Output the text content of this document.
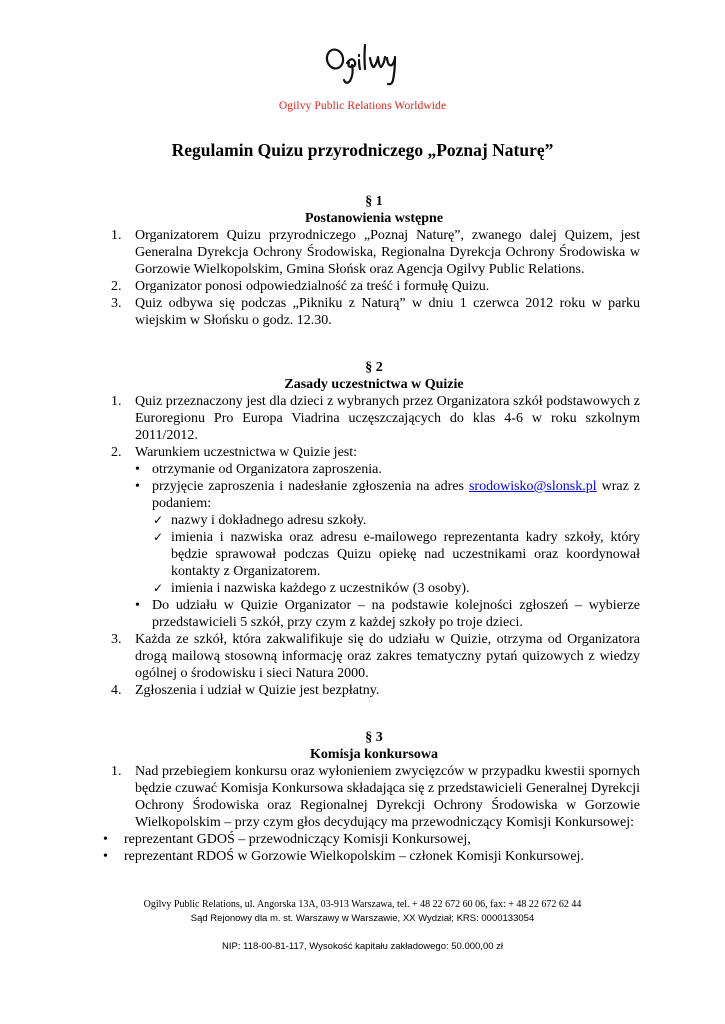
Ogilvy Public Relations Worldwide
Regulamin Quizu przyrodniczego „Poznaj Naturę”
§ 1
Postanowienia wstępne
1. Organizatorem Quizu przyrodniczego „Poznaj Naturę”, zwanego dalej Quizem, jest Generalna Dyrekcja Ochrony Środowiska, Regionalna Dyrekcja Ochrony Środowiska w Gorzowie Wielkopolskim, Gmina Słońsk oraz Agencja Ogilvy Public Relations.
2. Organizator ponosi odpowiedzialność za treść i formułę Quizu.
3. Quiz odbywa się podczas „Pikniku z Naturą” w dniu 1 czerwca 2012 roku w parku wiejskim w Słońsku o godz. 12.30.
§ 2
Zasady uczestnictwa w Quizie
1. Quiz przeznaczony jest dla dzieci z wybranych przez Organizatora szkół podstawowych z Euroregionu Pro Europa Viadrina uczęszczających do klas 4-6 w roku szkolnym 2011/2012.
2. Warunkiem uczestnictwa w Quizie jest:
• otrzymanie od Organizatora zaproszenia.
• przyjęcie zaproszenia i nadesłanie zgłoszenia na adres srodowisko@slonsk.pl wraz z podaniem:
✓ nazwy i dokładnego adresu szkoły.
✓ imienia i nazwiska oraz adresu e-mailowego reprezentanta kadry szkoły, który będzie sprawował podczas Quizu opiekę nad uczestnikami oraz koordynował kontakty z Organizatorem.
✓ imienia i nazwiska każdego z uczestników (3 osoby).
• Do udziału w Quizie Organizator – na podstawie kolejności zgłoszeń – wybierze przedstawicieli 5 szkół, przy czym z każdej szkoły po troje dzieci.
3. Każda ze szkół, która zakwalifikuje się do udziału w Quizie, otrzyma od Organizatora drogą mailową stosowną informację oraz zakres tematyczny pytań quizowych z wiedzy ogólnej o środowisku i sieci Natura 2000.
4. Zgłoszenia i udział w Quizie jest bezpłatny.
§ 3
Komisja konkursowa
1. Nad przebiegiem konkursu oraz wyłonieniem zwycięzców w przypadku kwestii spornych będzie czuwać Komisja Konkursowa składająca się z przedstawicieli Generalnej Dyrekcji Ochrony Środowiska oraz Regionalnej Dyrekcji Ochrony Środowiska w Gorzowie Wielkopolskim – przy czym głos decydujący ma przewodniczący Komisji Konkursowej:
• reprezentant GDOŚ – przewodniczący Komisji Konkursowej,
• reprezentant RDOŚ w Gorzowie Wielkopolskim – członek Komisji Konkursowej.
Ogilvy Public Relations, ul. Angorska 13A, 03-913 Warszawa, tel. + 48 22 672 60 06, fax: + 48 22 672 62 44
Sąd Rejonowy dla m. st. Warszawy w Warszawie, XX Wydział; KRS: 0000133054
NIP: 118-00-81-117, Wysokość kapitału zakładowego: 50.000,00 zł
